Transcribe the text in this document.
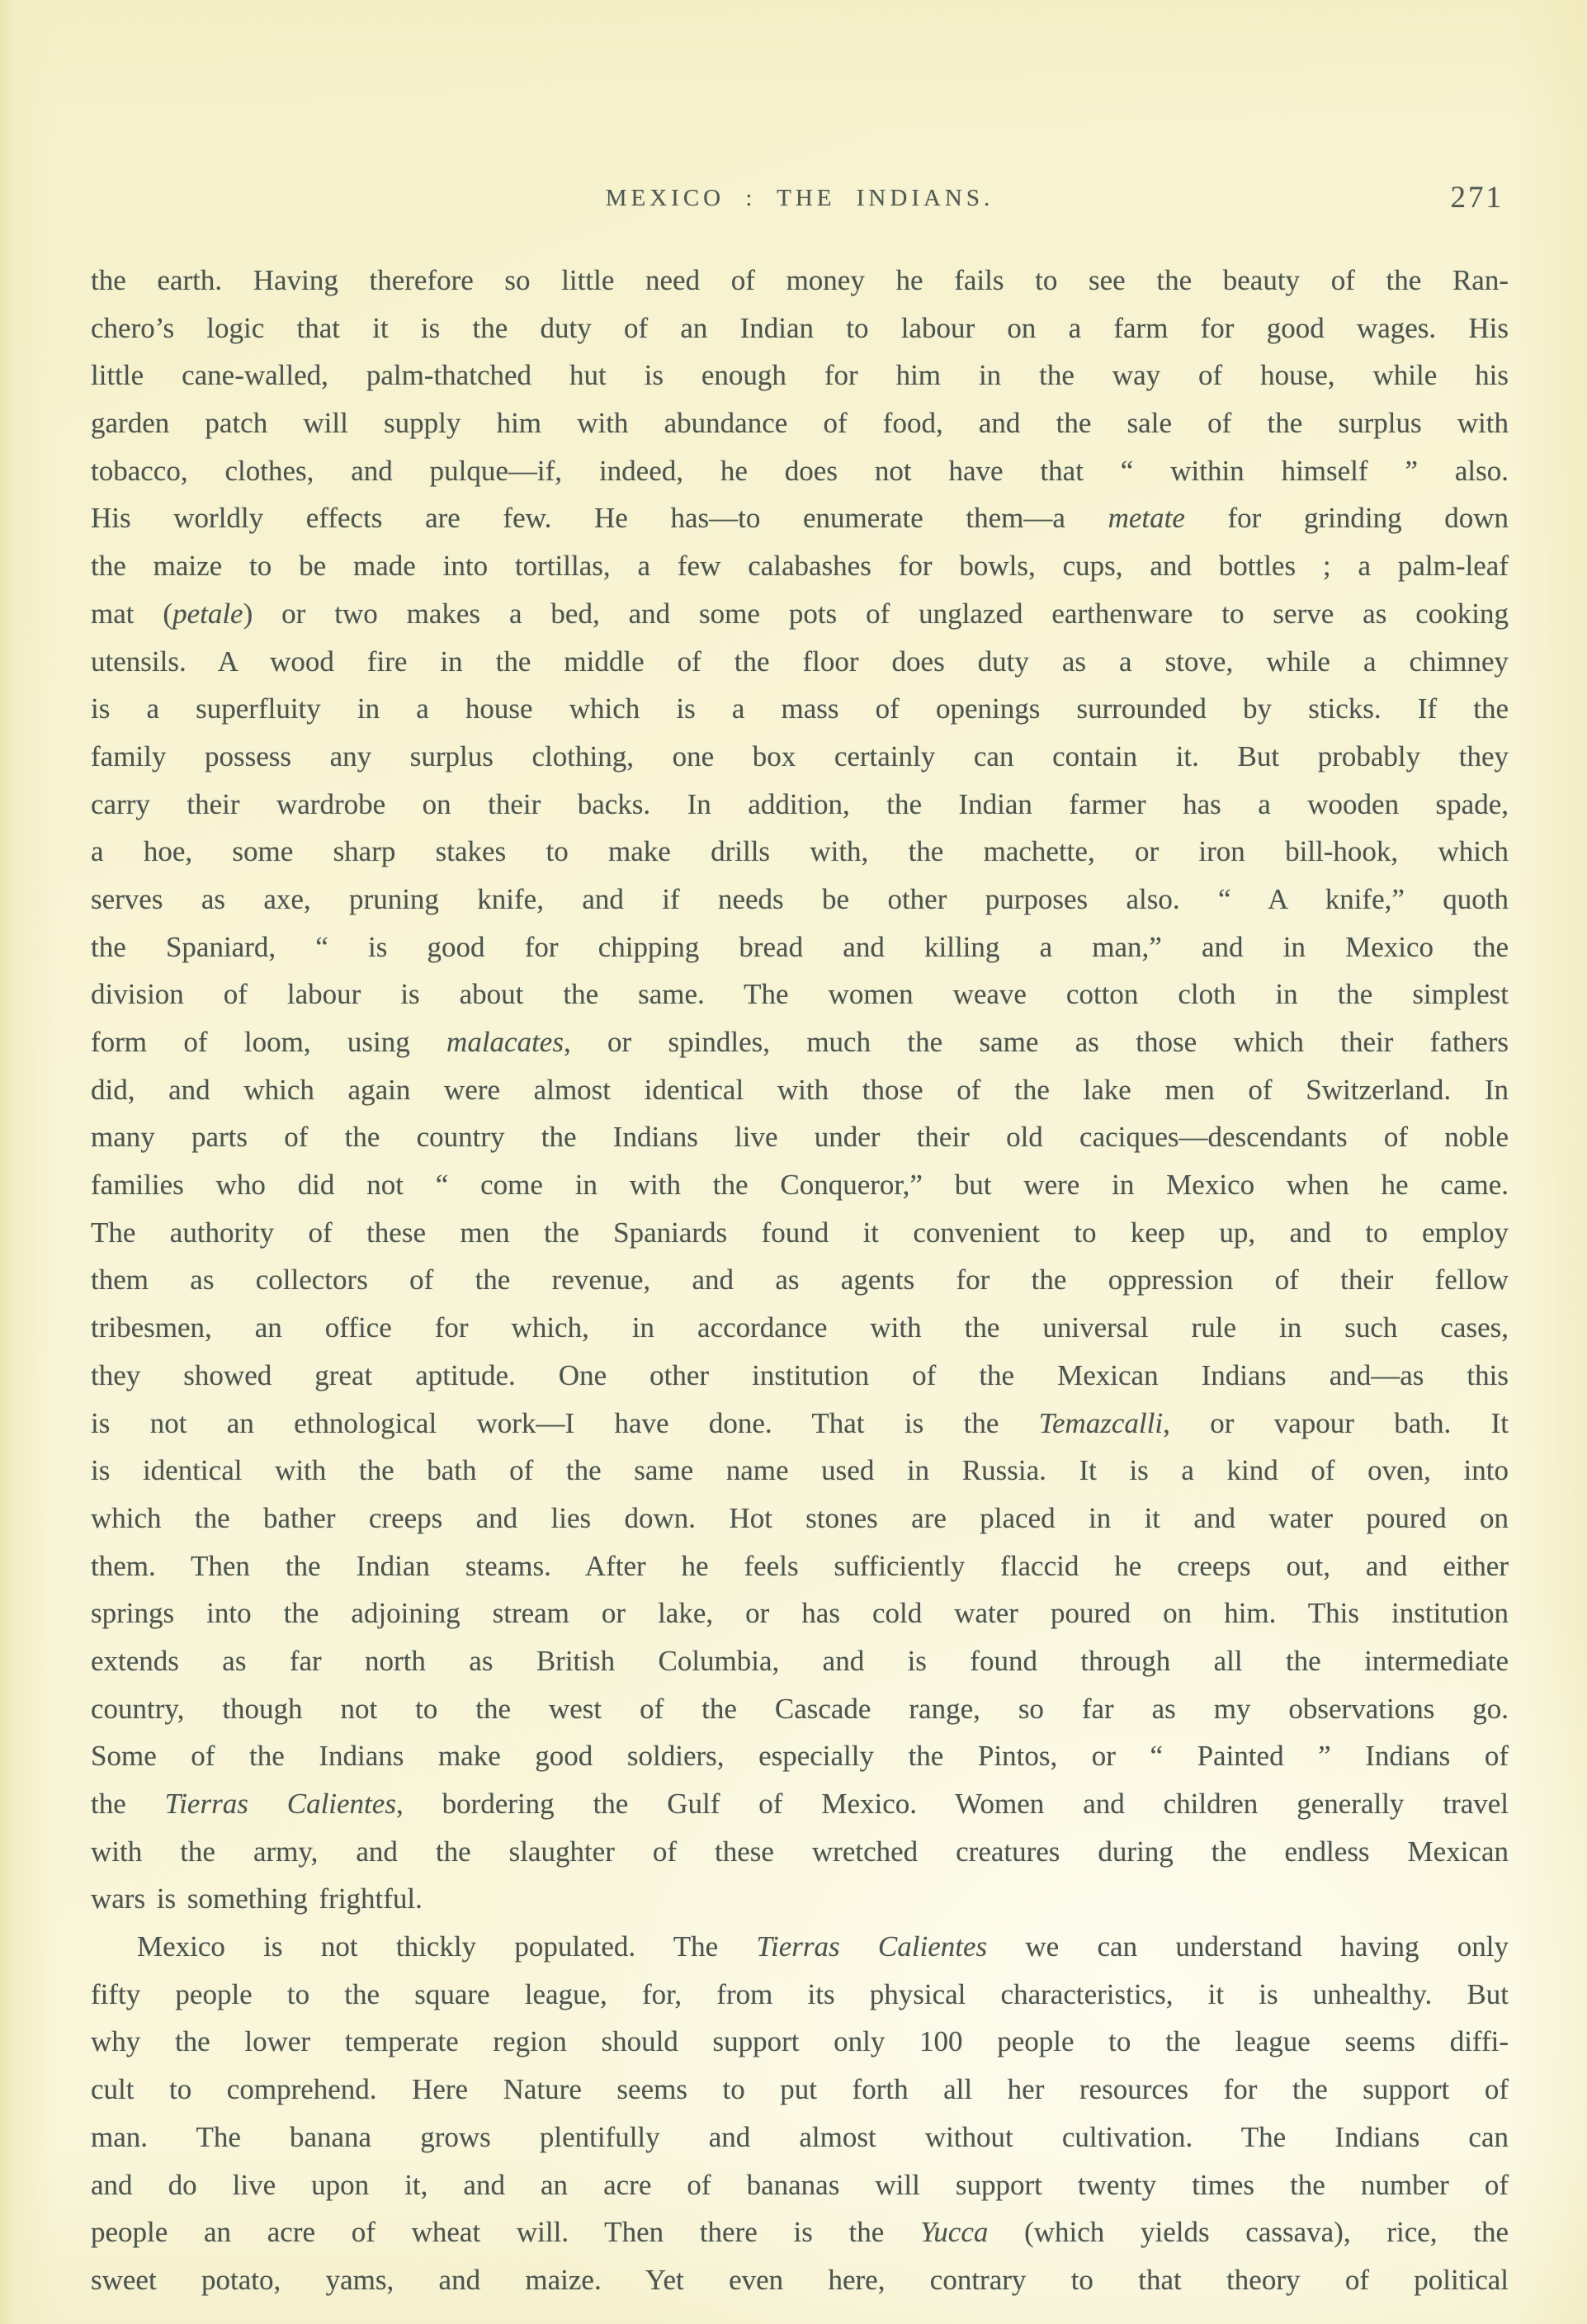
MEXICO : THE INDIANS.	271
the earth. Having therefore so little need of money he fails to see the beauty of the Ran-
chero’s logic that it is the duty of an Indian to labour on a farm for good wages. His
little cane-walled, palm-thatched hut is enough for him in the way of house, while his
garden patch will supply him with abundance of food, and the sale of the surplus with
tobacco, clothes, and pulque—if, indeed, he does not have that “ within himself ” also.
His worldly effects are few. He has—to enumerate them—a metate for grinding down
the maize to be made into tortillas, a few calabashes for bowls, cups, and bottles ; a palm-leaf
mat (petale) or two makes a bed, and some pots of unglazed earthenware to serve as cooking
utensils. A wood fire in the middle of the floor does duty as a stove, while a chimney
is a superfluity in a house which is a mass of openings surrounded by sticks. If the
family possess any surplus clothing, one box certainly can contain it. But probably they
carry their wardrobe on their backs. In addition, the Indian farmer has a wooden spade,
a hoe, some sharp stakes to make drills with, the machette, or iron bill-hook, which
serves as axe, pruning knife, and if needs be other purposes also. “ A knife,” quoth
the Spaniard, “ is good for chipping bread and killing a man,” and in Mexico the
division of labour is about the same. The women weave cotton cloth in the simplest
form of loom, using malacates, or spindles, much the same as those which their fathers
did, and which again were almost identical with those of the lake men of Switzerland. In
many parts of the country the Indians live under their old caciques—descendants of noble
families who did not “ come in with the Conqueror,” but were in Mexico when he came.
The authority of these men the Spaniards found it convenient to keep up, and to employ
them as collectors of the revenue, and as agents for the oppression of their fellow
tribesmen, an office for which, in accordance with the universal rule in such cases,
they showed great aptitude. One other institution of the Mexican Indians and—as this
is not an ethnological work—I have done. That is the Temazcalli, or vapour bath. It
is identical with the bath of the same name used in Russia. It is a kind of oven, into
which the bather creeps and lies down. Hot stones are placed in it and water poured on
them. Then the Indian steams. After he feels sufficiently flaccid he creeps out, and either
springs into the adjoining stream or lake, or has cold water poured on him. This institution
extends as far north as British Columbia, and is found through all the intermediate
country, though not to the west of the Cascade range, so far as my observations go.
Some of the Indians make good soldiers, especially the Pintos, or “ Painted ” Indians of
the Tierras Calientes, bordering the Gulf of Mexico. Women and children generally travel
with the army, and the slaughter of these wretched creatures during the endless Mexican
wars is something frightful.
Mexico is not thickly populated. The Tierras Calientes we can understand having only
fifty people to the square league, for, from its physical characteristics, it is unhealthy. But
why the lower temperate region should support only 100 people to the league seems diffi-
cult to comprehend. Here Nature seems to put forth all her resources for the support of
man. The banana grows plentifully and almost without cultivation. The Indians can
and do live upon it, and an acre of bananas will support twenty times the number of
people an acre of wheat will. Then there is the Yucca (which yields cassava), rice, the
sweet potato, yams, and maize. Yet even here, contrary to that theory of political
